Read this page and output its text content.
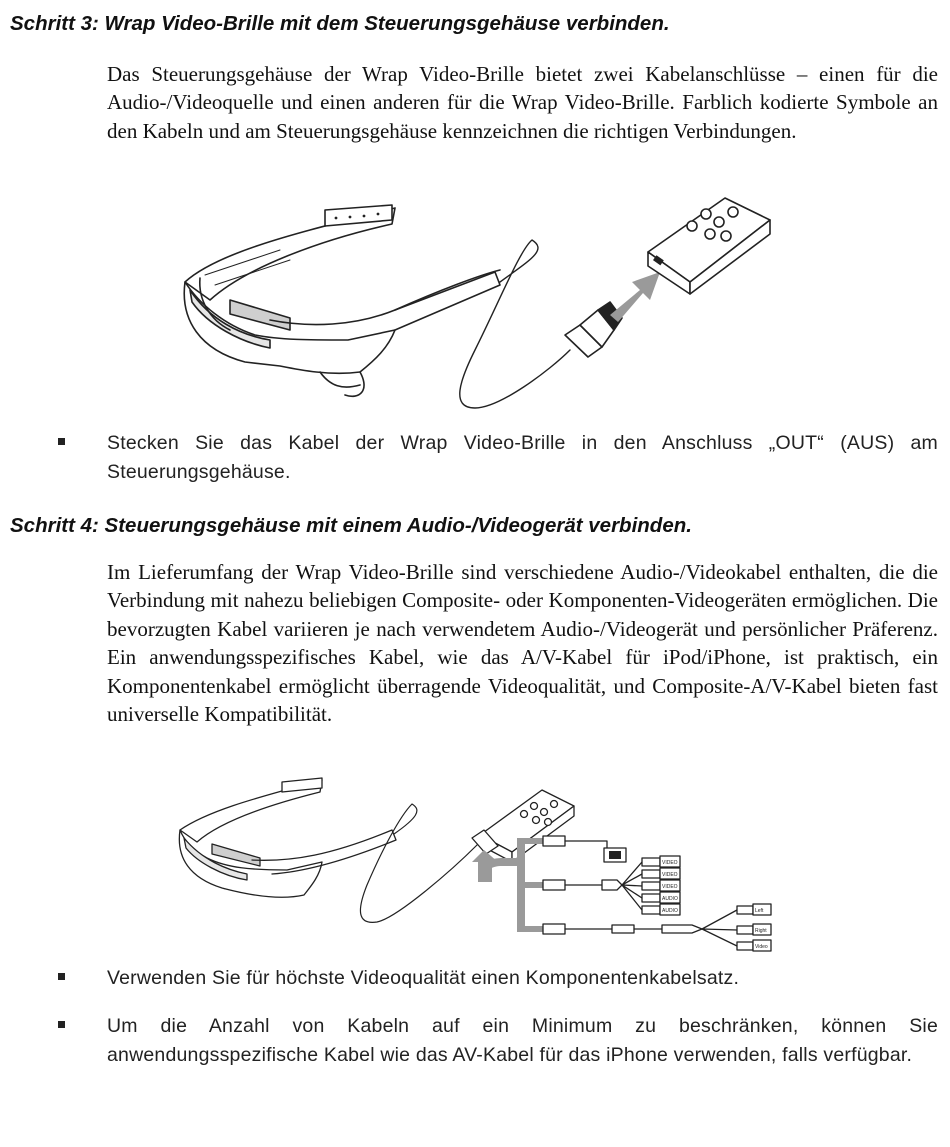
Schritt 3: Wrap Video-Brille mit dem Steuerungsgehäuse verbinden.

Das Steuerungsgehäuse der Wrap Video-Brille bietet zwei Kabelanschlüsse – einen für die Audio-/Videoquelle und einen anderen für die Wrap Video-Brille. Farblich kodierte Symbole an den Kabeln und am Steuerungsgehäuse kennzeichnen die richtigen Verbindungen.

Stecken Sie das Kabel der Wrap Video-Brille in den Anschluss „OUT“ (AUS) am Steuerungsgehäuse.
Schritt 4: Steuerungsgehäuse mit einem Audio-/Videogerät verbinden.

Im Lieferumfang der Wrap Video-Brille sind verschiedene Audio-/Videokabel enthalten, die die Verbindung mit nahezu beliebigen Composite- oder Komponenten-Videogeräten ermöglichen. Die bevorzugten Kabel variieren je nach verwendetem Audio-/Videogerät und persönlicher Präferenz. Ein anwendungsspezifisches Kabel, wie das A/V-Kabel für iPod/iPhone, ist praktisch, ein Komponentenkabel ermöglicht überragende Videoqualität, und Composite-A/V-Kabel bieten fast universelle Kompatibilität.

VIDEO
VIDEO
VIDEO
AUDIO
AUDIO	Left
Right
Video
Verwenden Sie für höchste Videoqualität einen Komponentenkabelsatz.
Um die Anzahl von Kabeln auf ein Minimum zu beschränken, können Sie anwendungsspezifische Kabel wie das AV-Kabel für das iPhone verwenden, falls verfügbar.
